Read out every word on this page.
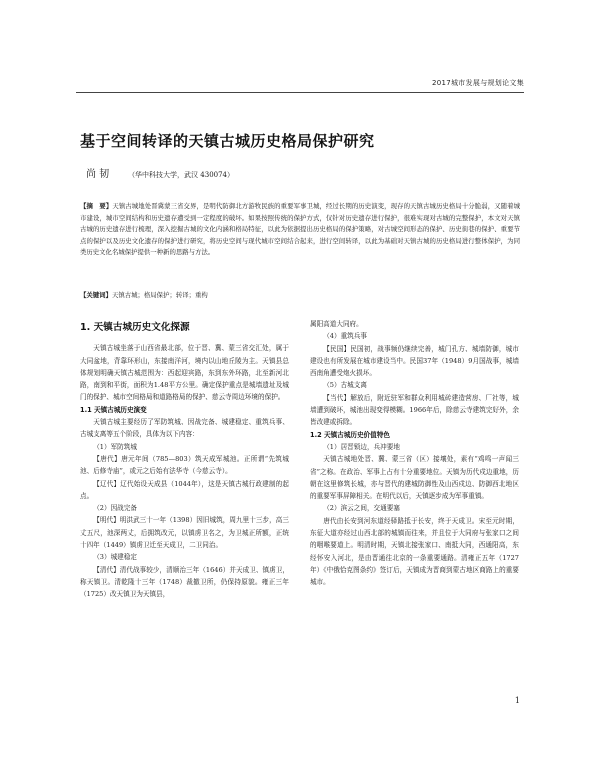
2017城市发展与规划论文集
基于空间转译的天镇古城历史格局保护研究
尚 韧	（华中科技大学，武汉 430074）
【摘　要】天镇古城地处晋冀蒙三省交界，是明代防御北方游牧民族的重要军事卫城，经过长期的历史演变，现存的天镇古城历史格局十分脆弱，又随着城市建设，城市空间结构和历史遗存遭受到一定程度的破坏。如果按照传统的保护方式，仅针对历史遗存进行保护，很难实现对古城的完整保护，本文对天镇古城的历史遗存进行梳理，深入挖掘古城的文化内涵和格局特征，以此为依据提出历史格局的保护策略，对古城空间形态的保护、历史街巷的保护、重要节点的保护以及历史文化遗存的保护进行研究，将历史空间与现代城市空间结合起来，进行空间转译，以此为基础对天镇古城的历史格局进行整体保护，为同类历史文化名城保护提供一种新的思路与方法。
【关键词】天镇古城；格局保护；转译；重构
1. 天镇古城历史文化探源
天镇古城坐落于山西省最北部，位于晋、冀、蒙三省交汇处，属于大同盆地，背靠环形山，东接南洋河，境内以山地丘陵为主。天镇县总体规划明确天镇古城范围为：西起迎宾路，东到东外环路，北至新河北路，南到和平街，面积为1.48平方公里。确定保护重点是城墙遗址及城门的保护、城市空间格局和道路格局的保护、慈云寺周边环境的保护。
1.1 天镇古城历史演变
天镇古城主要经历了军防筑城、因战完备、城建稳定、重筑兵事、古城支离等五个阶段，具体为以下内容：
（1）军防筑城
【唐代】唐元年间（785—803）筑天成军城池。正所谓“先筑城池、后修寺庙”，或元之后始有法华寺（今慈云寺）。
【辽代】辽代始设天成县（1044年），这是天镇古城行政建制的起点。
（2）因战完备
【明代】明洪武三十一年（1398）因旧城筑，周九里十三步，高三丈五尺，池深两丈，后拥筑改元，以镇虏卫名之，为卫城正所额，正统十四年（1449）镇虏卫迁至天成卫，二卫同治。
（3）城建稳定
【清代】清代战事较少，清顺治三年（1646）并天成卫、镇虏卫，称天镇卫。清乾隆十三年（1748）裁撤卫所，仍保持原貌。雍正三年（1725）改天镇卫为天镇县，
属阳高道大同府。
（4）重筑兵事
【民国】民国初，战事频仍继续完善，城门孔方、城墙防御，城市建设也有所发展在城市建设当中。民国37年（1948）9月国战事，城墙西南角遭受炮火损坏。
（5）古城支离
【当代】解放后，附近驻军和群众利用城砖建造营房、厂社等，城墙遭到破坏，城池出现变得模糊。1966年后，除慈云寺建筑完好外，余皆改建或拆除。
1.2 天镇古城历史价值特色
（1）居晋锁边，兵冲要地
天镇古城地处晋、冀、蒙三省（区）接壤处，素有“鸡鸣一声闻三省”之称。在政治、军事上占有十分重要地位。天镇为历代戍边重地，历朝在这里修筑长城，亦与晋代的建城防御性及山西戍边、防御西北地区的重要军事屏障相关。在明代以后，天镇逐步成为军事重镇。
（2）滨云之间，交通要塞
唐代由长安到河东道经驿路抵于长安，终于天成卫。宋至元时期，东征大道亦经过山西北部的城镇而往来，并且位于大同府与张家口之间的咽喉要道上。明清时期，天镇北接张家口、南抵大同，西通阳高，东经怀安入河北，是由晋通往北京的一条重要通路。清雍正五年（1727年）《中俄恰克图条约》签订后，天镇成为晋商到蒙古地区商路上的重要城市。
1
